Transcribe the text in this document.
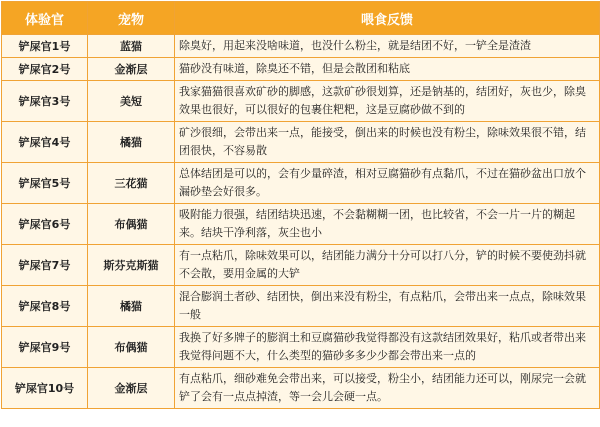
体验官	宠物	喂食反馈
铲屎官1号	蓝猫	除臭好，用起来没啥味道，也没什么粉尘，就是结团不好，一铲全是渣渣
铲屎官2号	金渐层	猫砂没有味道，除臭还不错，但是会散团和粘底
铲屎官3号	美短	我家猫猫很喜欢矿砂的脚感，这款矿砂很划算，还是钠基的，结团好，灰也少，除臭效果也很好，可以很好的包裹住粑粑，这是豆腐砂做不到的
铲屎官4号	橘猫	矿沙很细，会带出来一点，能接受，倒出来的时候也没有粉尘，除味效果很不错，结团很快，不容易散
铲屎官5号	三花猫	总体结团是可以的，会有少量碎渣，相对豆腐猫砂有点黏爪，不过在猫砂盆出口放个漏砂垫会好很多。
铲屎官6号	布偶猫	吸附能力很强，结团结块迅速，不会黏糊糊一团，也比较省，不会一片一片的糊起来。结块干净利落，灰尘也小
铲屎官7号	斯芬克斯猫	有一点粘爪，除味效果可以，结团能力满分十分可以打八分，铲的时候不要使劲抖就不会散，要用金属的大铲
铲屎官8号	橘猫	混合膨润土者砂、结团快，倒出来没有粉尘，有点粘爪，会带出来一点点，除味效果一般
铲屎官9号	布偶猫	我换了好多牌子的膨润土和豆腐猫砂我觉得都没有这款结团效果好，粘爪或者带出来我觉得问题不大，什么类型的猫砂多多少少都会带出来一点的
铲屎官10号	金渐层	有点粘爪，细砂难免会带出来，可以接受，粉尘小，结团能力还可以，刚尿完一会就铲了会有一点点掉渣，等一会儿会硬一点。
